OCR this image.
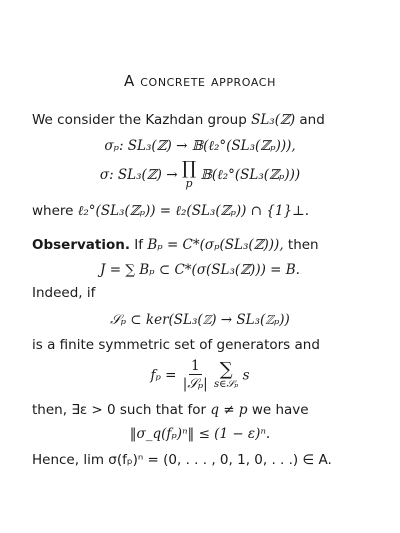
A concrete approach
We consider the Kazhdan group SL₃(ℤ) and
σₚ: SL₃(ℤ) → 𝔹(ℓ₂°(SL₃(ℤₚ))),
σ: SL₃(ℤ) → ∏
p
𝔹(ℓ₂°(SL₃(ℤₚ)))
where ℓ₂°(SL₃(ℤₚ)) = ℓ₂(SL₃(ℤₚ)) ∩ {1}⊥.
Observation. If Bₚ = C*(σₚ(SL₃(ℤ))), then
J = ∑ Bₚ ⊂ C*(σ(SL₃(ℤ))) = B.
Indeed, if
𝒮ₚ ⊂ ker(SL₃(ℤ) → SL₃(ℤₚ))
is a finite symmetric set of generators and
$f_p = \frac{1}{\text{|𝒮ₚ|}}$
∑
s∈𝒮ₚ
s
then, ∃ε > 0 such that for q ≠ p we have
‖σ_q(fₚ)ⁿ‖ ≤ (1 − ε)ⁿ.
Hence, lim σ(fₚ)ⁿ = (0, . . . , 0, 1, 0, . . .) ∈ A.
